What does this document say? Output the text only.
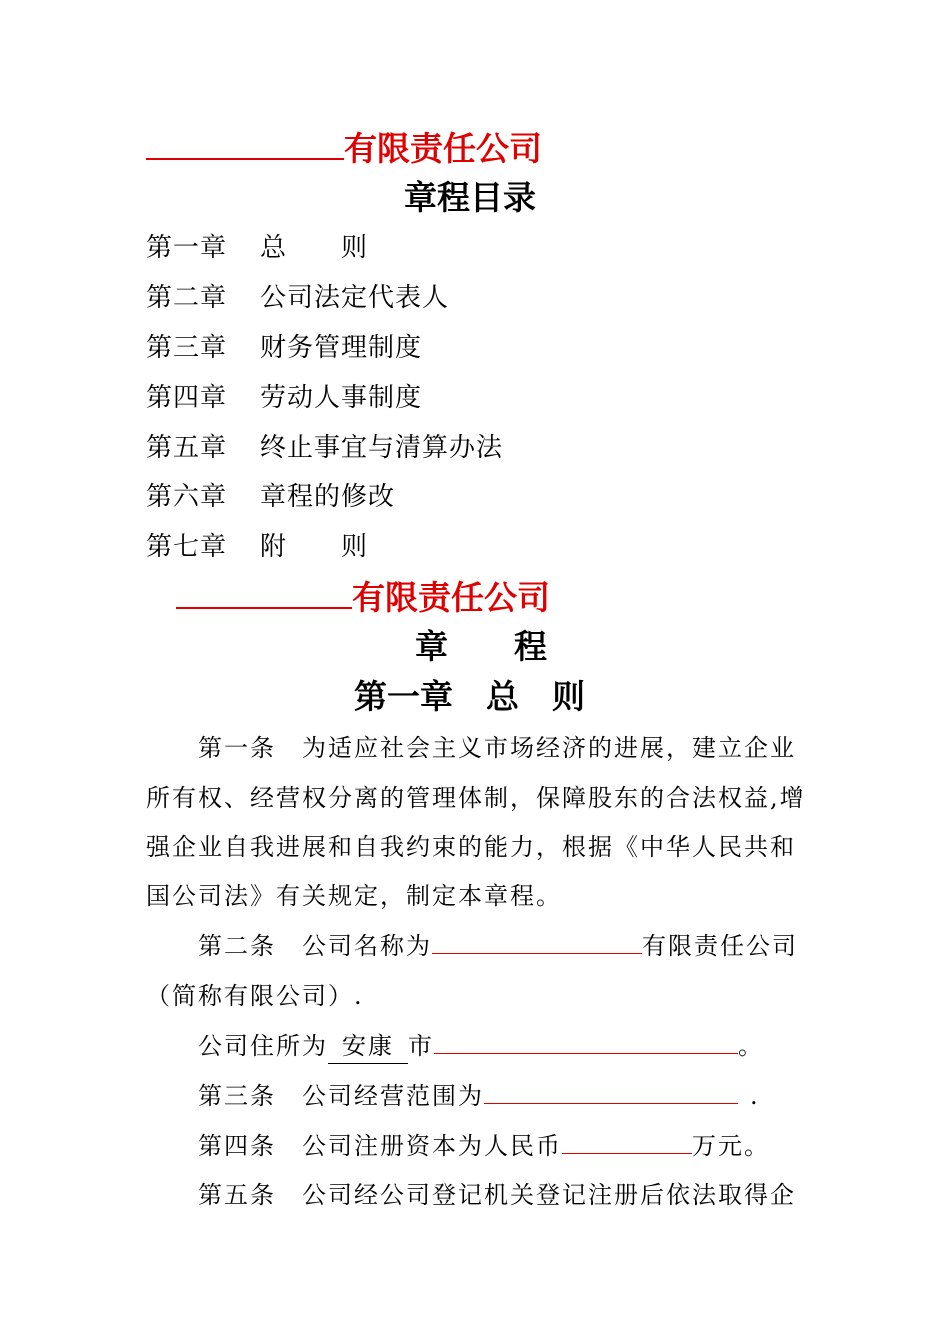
有限责任公司
章程目录
第一章 总　　则
第二章 公司法定代表人
第三章 财务管理制度
第四章 劳动人事制度
第五章 终止事宜与清算办法
第六章 章程的修改
第七章 附　　则
有限责任公司
章　　程
第一章　总　则
第一条　为适应社会主义市场经济的进展，建立企业
所有权、经营权分离的管理体制，保障股东的合法权益,增
强企业自我进展和自我约束的能力，根据《中华人民共和
国公司法》有关规定，制定本章程。
第二条　公司名称为	有限责任公司
（简称有限公司）.
公司住所为 安康 市	。
第三条　公司经营范围为	.
第四条　公司注册资本为人民币	万元。
第五条　公司经公司登记机关登记注册后依法取得企
